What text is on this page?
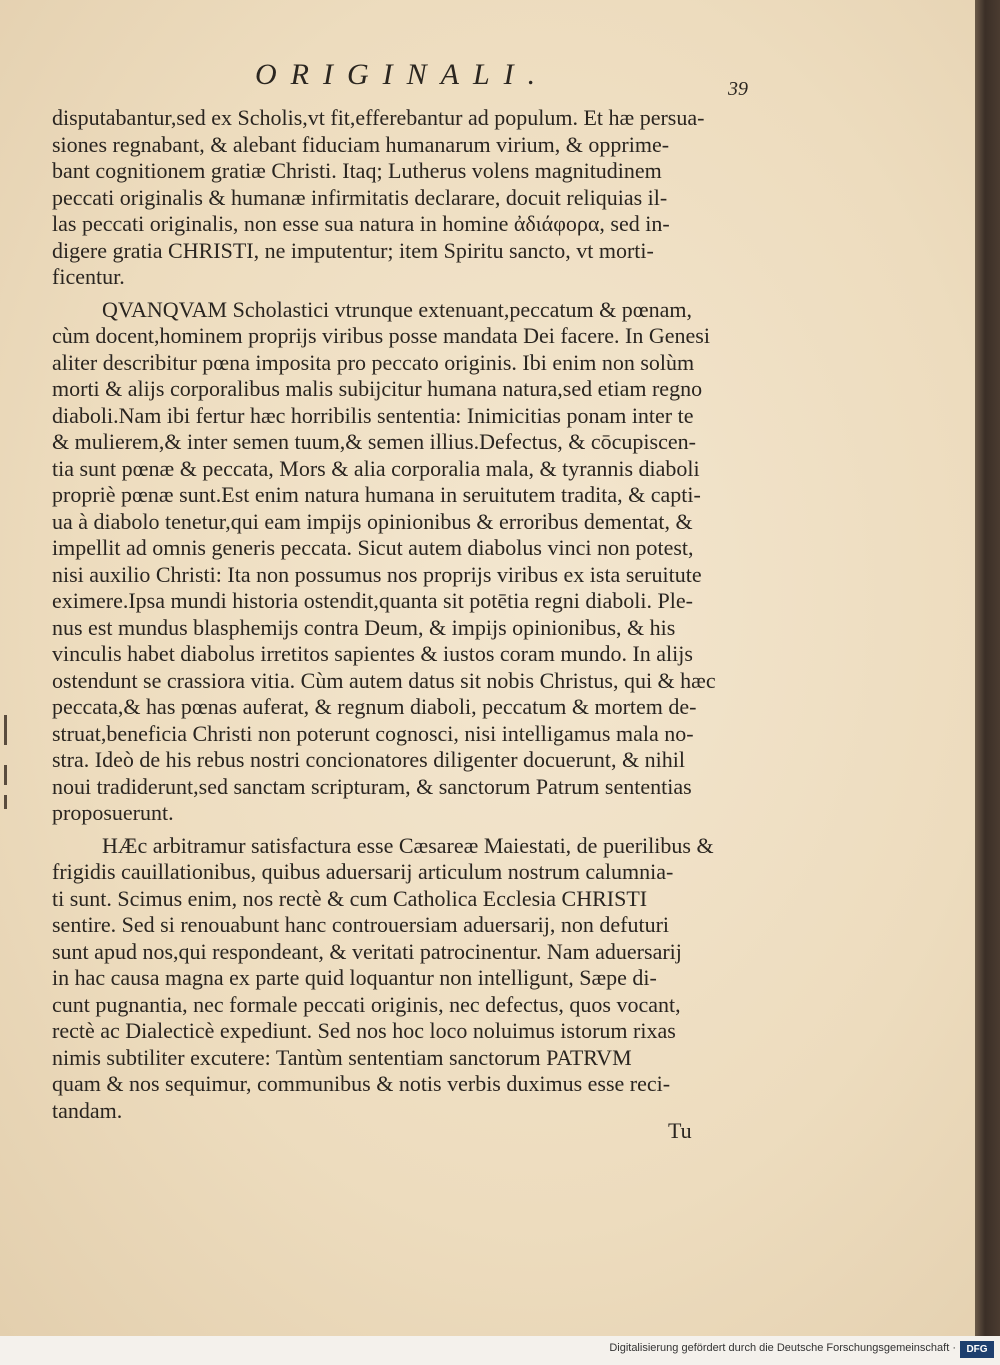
ORIGINALI.	39
disputabantur,sed ex Scholis,vt fit,efferebantur ad populum. Et hæ persua-
siones regnabant, & alebant fiduciam humanarum virium, & opprime-
bant cognitionem gratiæ Christi. Itaq; Lutherus volens magnitudinem
peccati originalis & humanæ infirmitatis declarare, docuit reliquias il-
las peccati originalis, non esse sua natura in homine ἀδιάφορα, sed in-
digere gratia CHRISTI, ne imputentur; item Spiritu sancto, vt morti-
ficentur.
QVANQVAM Scholastici vtrunque extenuant,peccatum & pœnam,
cùm docent,hominem proprijs viribus posse mandata Dei facere. In Genesi
aliter describitur pœna imposita pro peccato originis. Ibi enim non solùm
morti & alijs corporalibus malis subijcitur humana natura,sed etiam regno
diaboli.Nam ibi fertur hæc horribilis sententia: Inimicitias ponam inter te
& mulierem,& inter semen tuum,& semen illius.Defectus, & cōcupiscen-
tia sunt pœnæ & peccata, Mors & alia corporalia mala, & tyrannis diaboli
propriè pœnæ sunt.Est enim natura humana in seruitutem tradita, & capti-
ua à diabolo tenetur,qui eam impijs opinionibus & erroribus dementat, &
impellit ad omnis generis peccata. Sicut autem diabolus vinci non potest,
nisi auxilio Christi: Ita non possumus nos proprijs viribus ex ista seruitute
eximere.Ipsa mundi historia ostendit,quanta sit potētia regni diaboli. Ple-
nus est mundus blasphemijs contra Deum, & impijs opinionibus, & his
vinculis habet diabolus irretitos sapientes & iustos coram mundo. In alijs
ostendunt se crassiora vitia. Cùm autem datus sit nobis Christus, qui & hæc
peccata,& has pœnas auferat, & regnum diaboli, peccatum & mortem de-
struat,beneficia Christi non poterunt cognosci, nisi intelligamus mala no-
stra. Ideò de his rebus nostri concionatores diligenter docuerunt, & nihil
noui tradiderunt,sed sanctam scripturam, & sanctorum Patrum sententias
proposuerunt.
HÆc arbitramur satisfactura esse Cæsareæ Maiestati, de puerilibus &
frigidis cauillationibus, quibus aduersarij articulum nostrum calumnia-
ti sunt. Scimus enim, nos rectè & cum Catholica Ecclesia CHRISTI
sentire. Sed si renouabunt hanc controuersiam aduersarij, non defuturi
sunt apud nos,qui respondeant, & veritati patrocinentur. Nam aduersarij
in hac causa magna ex parte quid loquantur non intelligunt, Sæpe di-
cunt pugnantia, nec formale peccati originis, nec defectus, quos vocant,
rectè ac Dialecticè expediunt. Sed nos hoc loco noluimus istorum rixas
nimis subtiliter excutere: Tantùm sententiam sanctorum PATRVM
quam & nos sequimur, communibus & notis verbis duximus esse reci-
tandam.
Tu
Digitalisierung gefördert durch die Deutsche Forschungsgemeinschaft ·	DFG
